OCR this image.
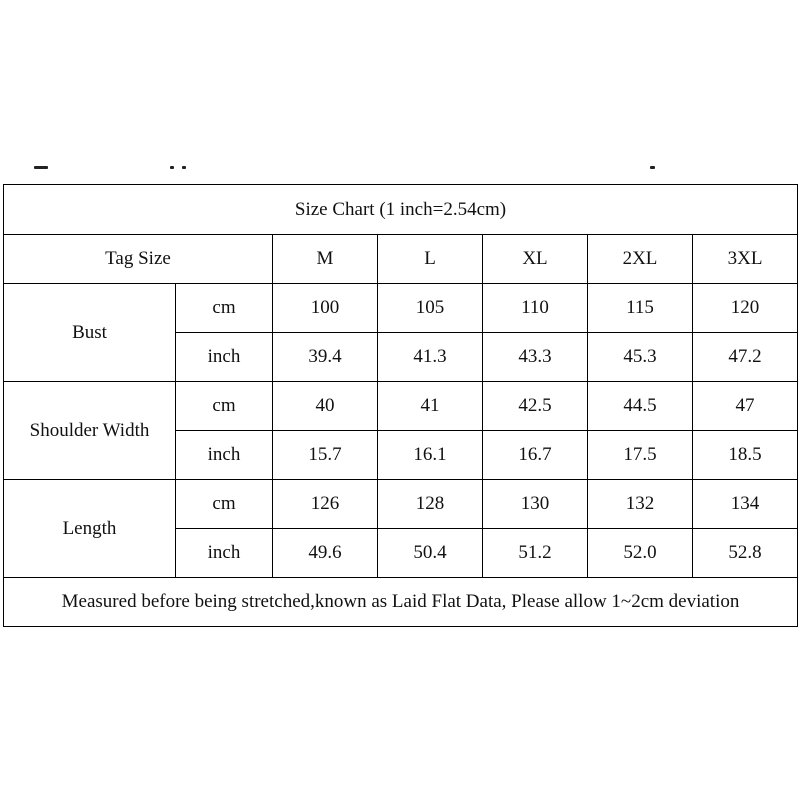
Size Chart (1 inch=2.54cm)						
Tag Size		M	L	XL	2XL	3XL
Bust	cm	100	105	110	115	120
	inch	39.4	41.3	43.3	45.3	47.2
Shoulder Width	cm	40	41	42.5	44.5	47
	inch	15.7	16.1	16.7	17.5	18.5
Length	cm	126	128	130	132	134
	inch	49.6	50.4	51.2	52.0	52.8
Measured before being stretched,known as Laid Flat Data, Please allow 1~2cm deviation						
